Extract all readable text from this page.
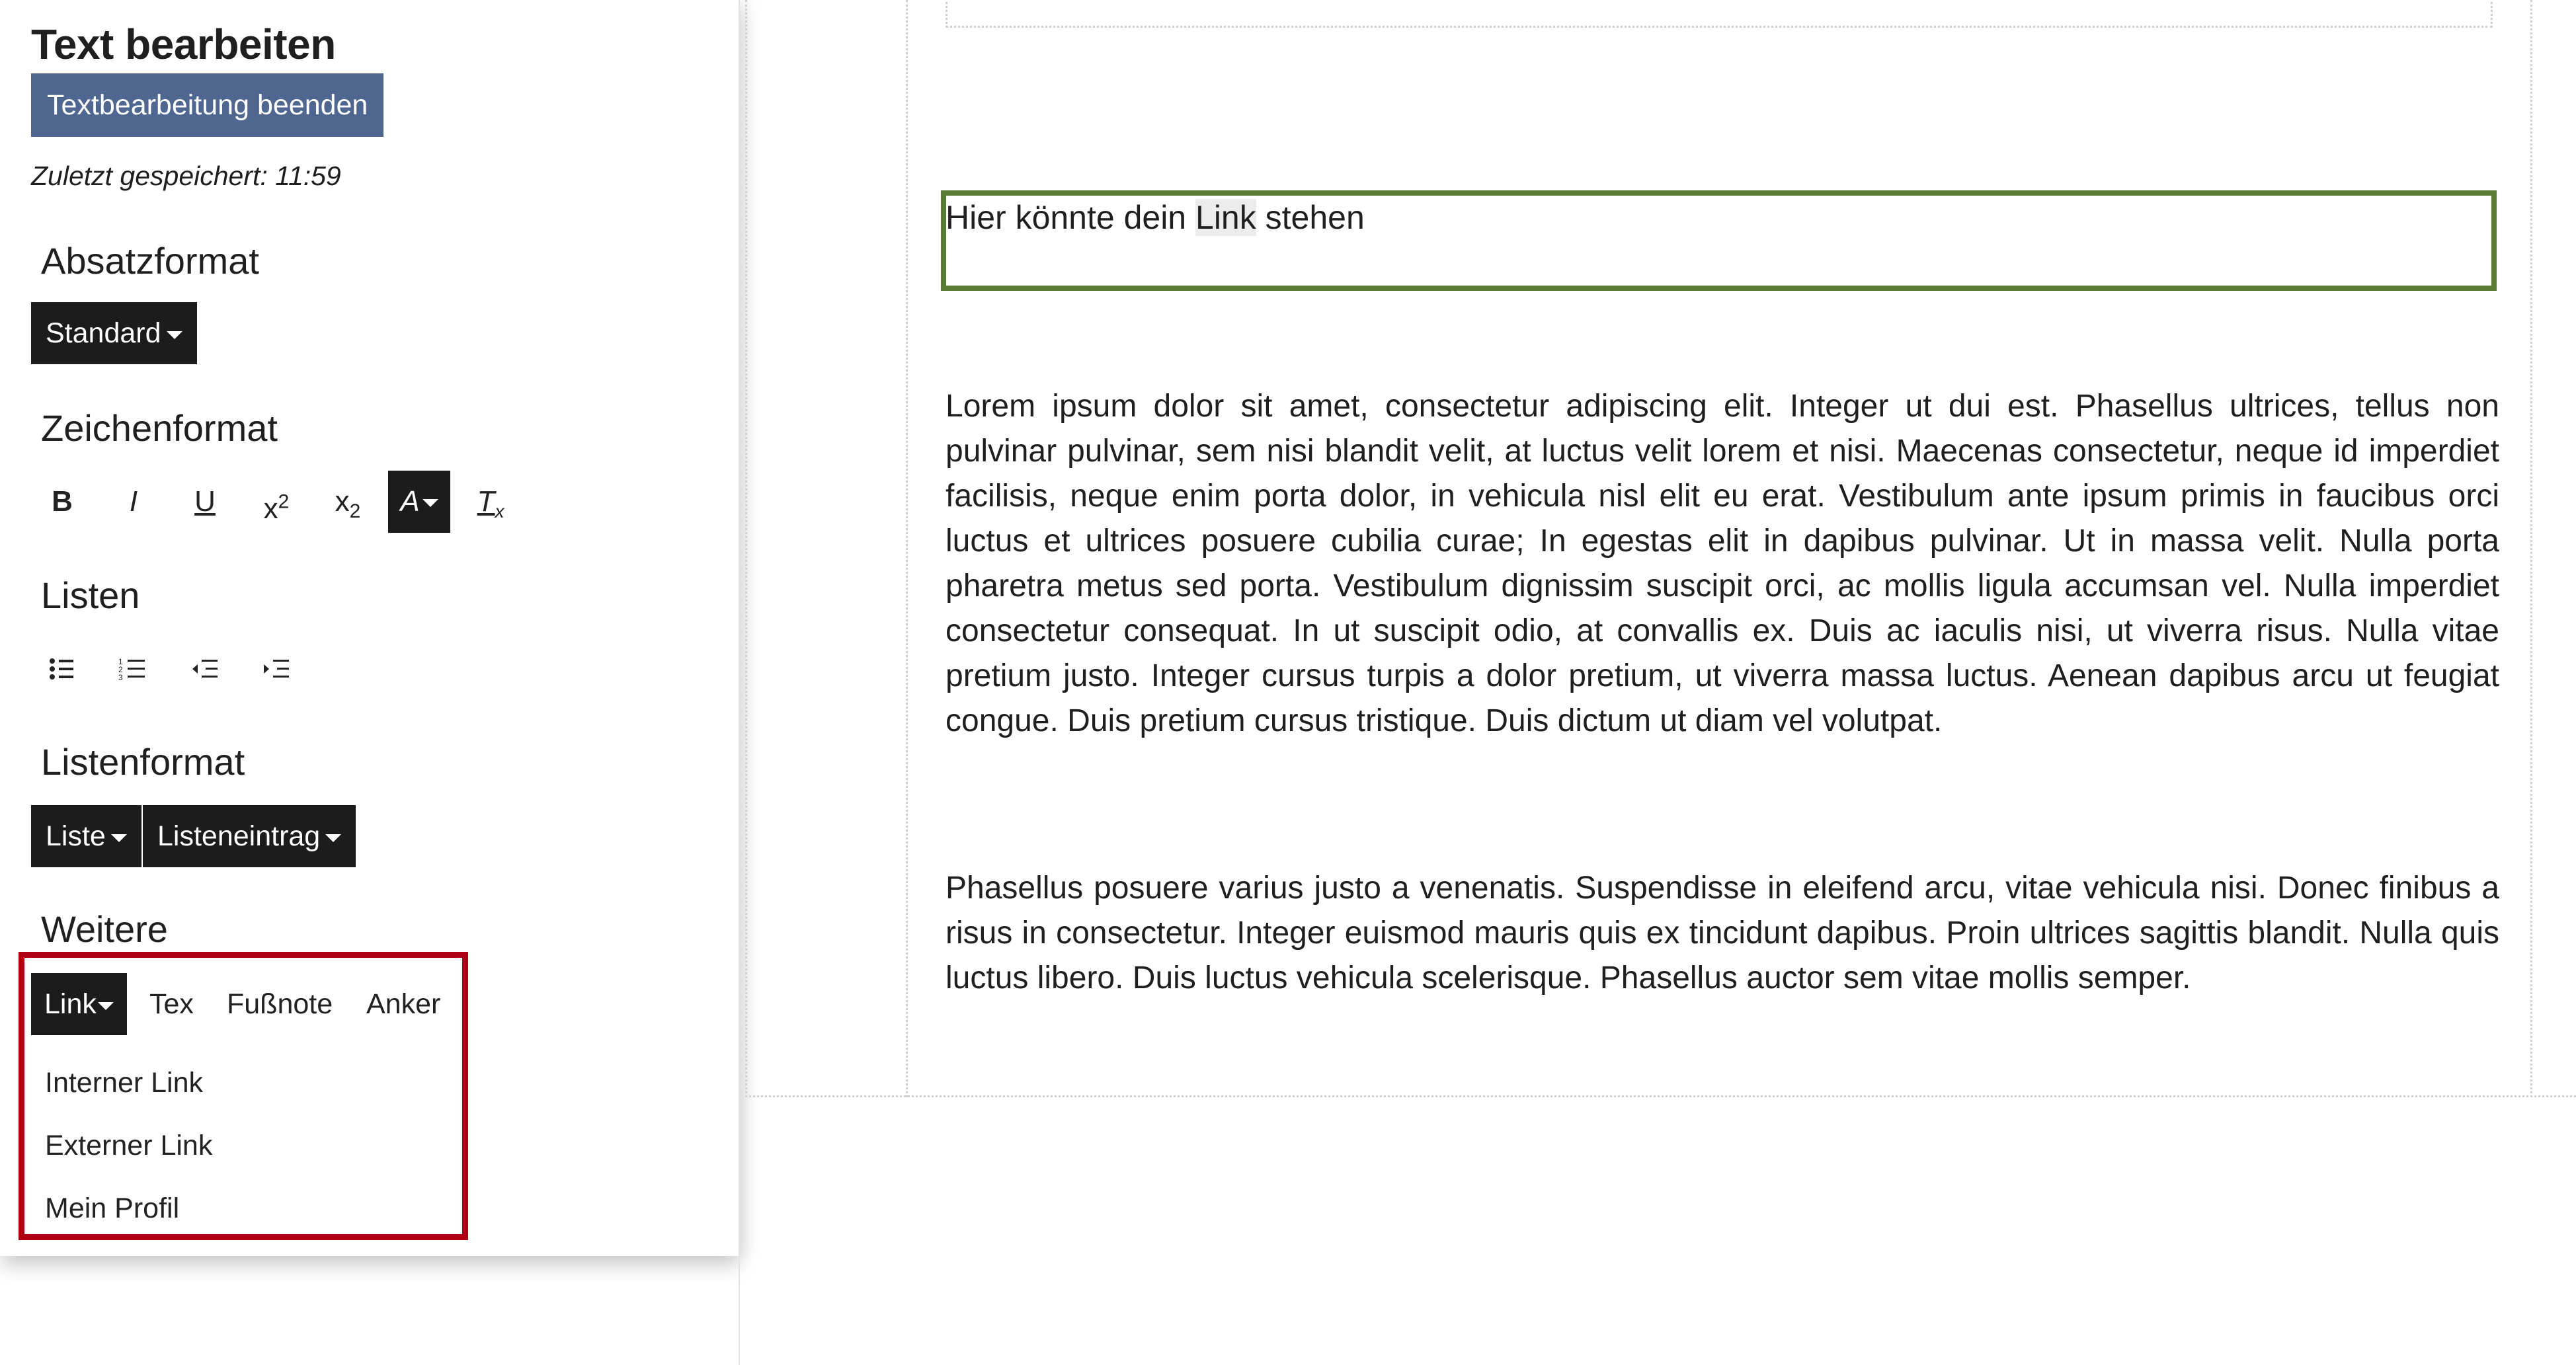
Text bearbeiten
Textbearbeitung beenden
Zuletzt gespeichert: 11:59
Absatzformat
Standard
Zeichenformat
B	I	U	$x^2$	$x_2$	A	$T_x$
Listen
1
2
3
Listenformat
Liste	Listeneintrag
Weitere
Link	Tex Fußnote Anker
Interner Link
Externer Link
Mein Profil
Hier könnte dein Link stehen
Lorem ipsum dolor sit amet, consectetur adipiscing elit. Integer ut dui est. Phasellus ultrices, tellus non pulvinar pulvinar, sem nisi blandit velit, at luctus velit lorem et nisi. Maecenas consectetur, neque id imperdiet facilisis, neque enim porta dolor, in vehicula nisl elit eu erat. Vestibulum ante ipsum primis in faucibus orci luctus et ultrices posuere cubilia curae; In egestas elit in dapibus pulvinar. Ut in massa velit. Nulla porta pharetra metus sed porta. Vestibulum dignissim suscipit orci, ac mollis ligula accumsan vel. Nulla imperdiet consectetur consequat. In ut suscipit odio, at convallis ex. Duis ac iaculis nisi, ut viverra risus. Nulla vitae pretium justo. Integer cursus turpis a dolor pretium, ut viverra massa luctus. Aenean dapibus arcu ut feugiat congue. Duis pretium cursus tristique. Duis dictum ut diam vel volutpat.
Phasellus posuere varius justo a venenatis. Suspendisse in eleifend arcu, vitae vehicula nisi. Donec finibus a risus in consectetur. Integer euismod mauris quis ex tincidunt dapibus. Proin ultrices sagittis blandit. Nulla quis luctus libero. Duis luctus vehicula scelerisque. Phasellus auctor sem vitae mollis semper.
